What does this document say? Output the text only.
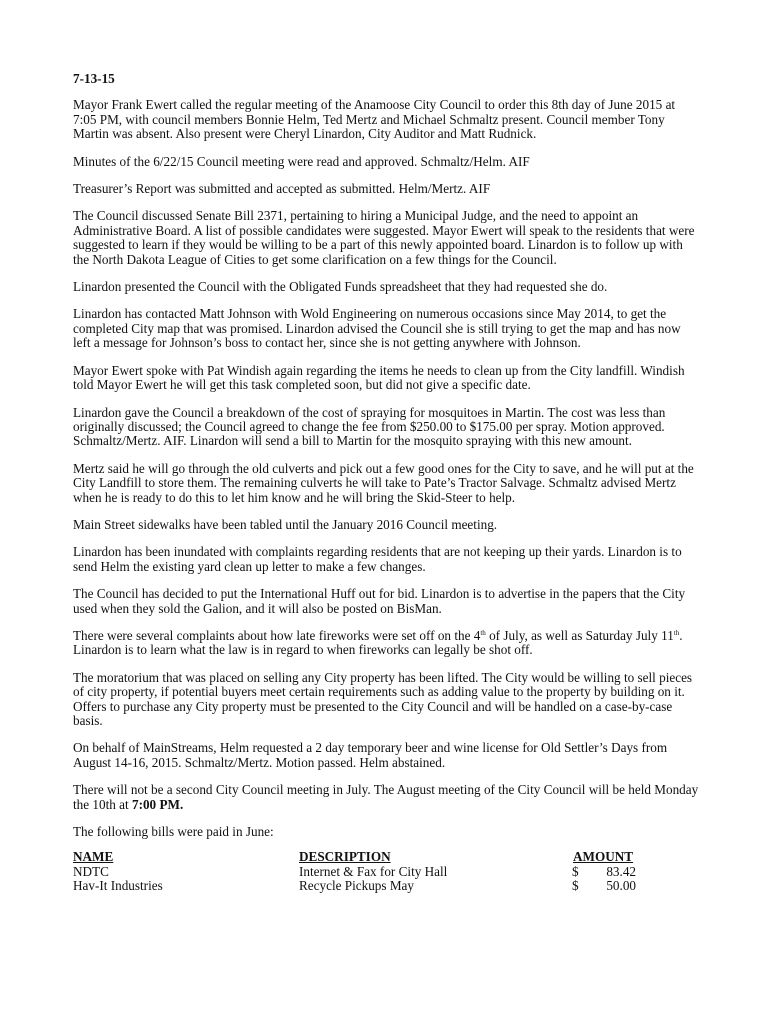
7-13-15

Mayor Frank Ewert called the regular meeting of the Anamoose City Council to order this 8th day of June 2015 at 7:05 PM, with council members Bonnie Helm, Ted Mertz and Michael Schmaltz present. Council member Tony Martin was absent. Also present were Cheryl Linardon, City Auditor and Matt Rudnick.

Minutes of the 6/22/15 Council meeting were read and approved. Schmaltz/Helm. AIF

Treasurer’s Report was submitted and accepted as submitted. Helm/Mertz. AIF

The Council discussed Senate Bill 2371, pertaining to hiring a Municipal Judge, and the need to appoint an Administrative Board. A list of possible candidates were suggested. Mayor Ewert will speak to the residents that were suggested to learn if they would be willing to be a part of this newly appointed board. Linardon is to follow up with the North Dakota League of Cities to get some clarification on a few things for the Council.

Linardon presented the Council with the Obligated Funds spreadsheet that they had requested she do.

Linardon has contacted Matt Johnson with Wold Engineering on numerous occasions since May 2014, to get the completed City map that was promised. Linardon advised the Council she is still trying to get the map and has now left a message for Johnson’s boss to contact her, since she is not getting anywhere with Johnson.

Mayor Ewert spoke with Pat Windish again regarding the items he needs to clean up from the City landfill. Windish told Mayor Ewert he will get this task completed soon, but did not give a specific date.

Linardon gave the Council a breakdown of the cost of spraying for mosquitoes in Martin. The cost was less than originally discussed; the Council agreed to change the fee from $250.00 to $175.00 per spray. Motion approved. Schmaltz/Mertz. AIF. Linardon will send a bill to Martin for the mosquito spraying with this new amount.

Mertz said he will go through the old culverts and pick out a few good ones for the City to save, and he will put at the City Landfill to store them. The remaining culverts he will take to Pate’s Tractor Salvage. Schmaltz advised Mertz when he is ready to do this to let him know and he will bring the Skid-Steer to help.

Main Street sidewalks have been tabled until the January 2016 Council meeting.

Linardon has been inundated with complaints regarding residents that are not keeping up their yards. Linardon is to send Helm the existing yard clean up letter to make a few changes.

The Council has decided to put the International Huff out for bid. Linardon is to advertise in the papers that the City used when they sold the Galion, and it will also be posted on BisMan.

There were several complaints about how late fireworks were set off on the 4th of July, as well as Saturday July 11th. Linardon is to learn what the law is in regard to when fireworks can legally be shot off.

The moratorium that was placed on selling any City property has been lifted. The City would be willing to sell pieces of city property, if potential buyers meet certain requirements such as adding value to the property by building on it. Offers to purchase any City property must be presented to the City Council and will be handled on a case-by-case basis.

On behalf of MainStreams, Helm requested a 2 day temporary beer and wine license for Old Settler’s Days from August 14-16, 2015. Schmaltz/Mertz. Motion passed. Helm abstained.

There will not be a second City Council meeting in July. The August meeting of the City Council will be held Monday the 10th at 7:00 PM.

The following bills were paid in June:

NAME	DESCRIPTION	AMOUNT
NDTC	Internet & Fax for City Hall	$	83.42
Hav-It Industries	Recycle Pickups May	$	50.00
